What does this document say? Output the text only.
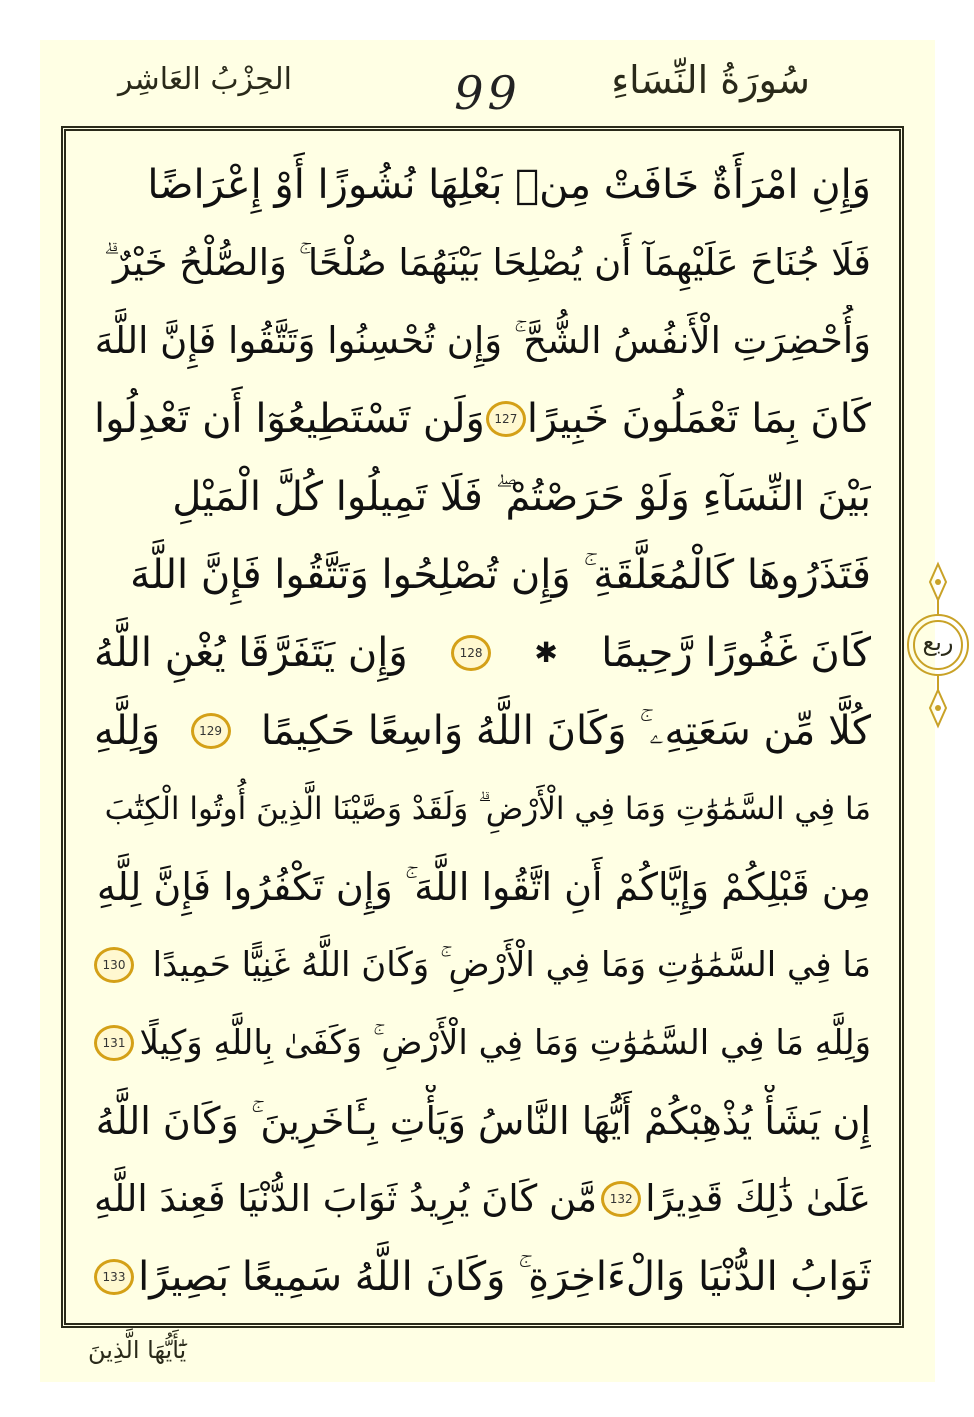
سُورَةُ النِّسَاءِ
99
الحِزْبُ العَاشِر
وَإِنِ امْرَأَةٌ خَافَتْ مِنۢ بَعْلِهَا نُشُوزًا أَوْ إِعْرَاضًا
فَلَا جُنَاحَ عَلَيْهِمَآ أَن يُصْلِحَا بَيْنَهُمَا صُلْحًا ۚ وَالصُّلْحُ خَيْرٌ ۗ
وَأُحْضِرَتِ الْأَنفُسُ الشُّحَّ ۚ وَإِن تُحْسِنُوا وَتَتَّقُوا فَإِنَّ اللَّهَ
كَانَ بِمَا تَعْمَلُونَ خَبِيرًا
127
وَلَن تَسْتَطِيعُوٓا أَن تَعْدِلُوا
بَيْنَ النِّسَآءِ وَلَوْ حَرَصْتُمْ ۖ فَلَا تَمِيلُوا كُلَّ الْمَيْلِ
فَتَذَرُوهَا كَالْمُعَلَّقَةِ ۚ وَإِن تُصْلِحُوا وَتَتَّقُوا فَإِنَّ اللَّهَ
كَانَ غَفُورًا رَّحِيمًا
✱
128
وَإِن يَتَفَرَّقَا يُغْنِ اللَّهُ
كُلًّا مِّن سَعَتِهِۦ ۚ وَكَانَ اللَّهُ وَاسِعًا حَكِيمًا
129
وَلِلَّهِ
مَا فِي السَّمَٰوَٰتِ وَمَا فِي الْأَرْضِ ۗ وَلَقَدْ وَصَّيْنَا الَّذِينَ أُوتُوا الْكِتَٰبَ
مِن قَبْلِكُمْ وَإِيَّاكُمْ أَنِ اتَّقُوا اللَّهَ ۚ وَإِن تَكْفُرُوا فَإِنَّ لِلَّهِ
مَا فِي السَّمَٰوَٰتِ وَمَا فِي الْأَرْضِ ۚ وَكَانَ اللَّهُ غَنِيًّا حَمِيدًا
130
وَلِلَّهِ مَا فِي السَّمَٰوَٰتِ وَمَا فِي الْأَرْضِ ۚ وَكَفَىٰ بِاللَّهِ وَكِيلًا
131
إِن يَشَأْ يُذْهِبْكُمْ أَيُّهَا النَّاسُ وَيَأْتِ بِـَٔاخَرِينَ ۚ وَكَانَ اللَّهُ
عَلَىٰ ذَٰلِكَ قَدِيرًا
132
مَّن كَانَ يُرِيدُ ثَوَابَ الدُّنْيَا فَعِندَ اللَّهِ
ثَوَابُ الدُّنْيَا وَالْءَاخِرَةِ ۚ وَكَانَ اللَّهُ سَمِيعًا بَصِيرًا
133
يَٰٓأَيُّهَا الَّذِينَ
ربع
